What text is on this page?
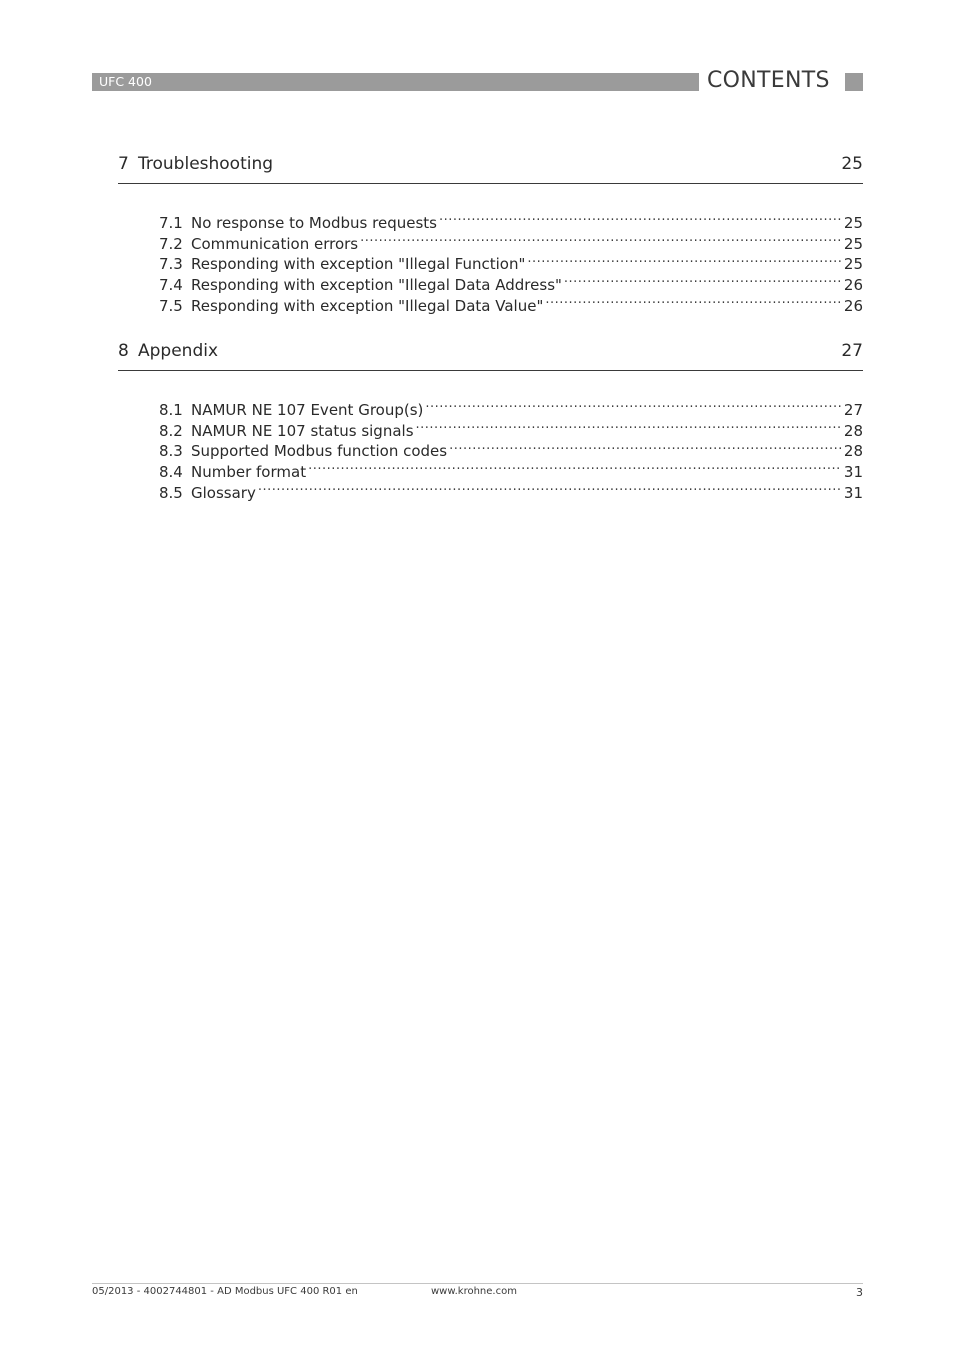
UFC 400	CONTENTS
7 Troubleshooting	25
7.1 No response to Modbus requests .....	25
7.2 Communication errors .....	25
7.3 Responding with exception "Illegal Function" .....	25
7.4 Responding with exception "Illegal Data Address" .....	26
7.5 Responding with exception "Illegal Data Value" .....	26
8 Appendix	27
8.1 NAMUR NE 107 Event Group(s) .....	27
8.2 NAMUR NE 107 status signals .....	28
8.3 Supported Modbus function codes .....	28
8.4 Number format .....	31
8.5 Glossary .....	31
05/2013 - 4002744801 - AD Modbus UFC 400 R01 en	www.krohne.com	3
